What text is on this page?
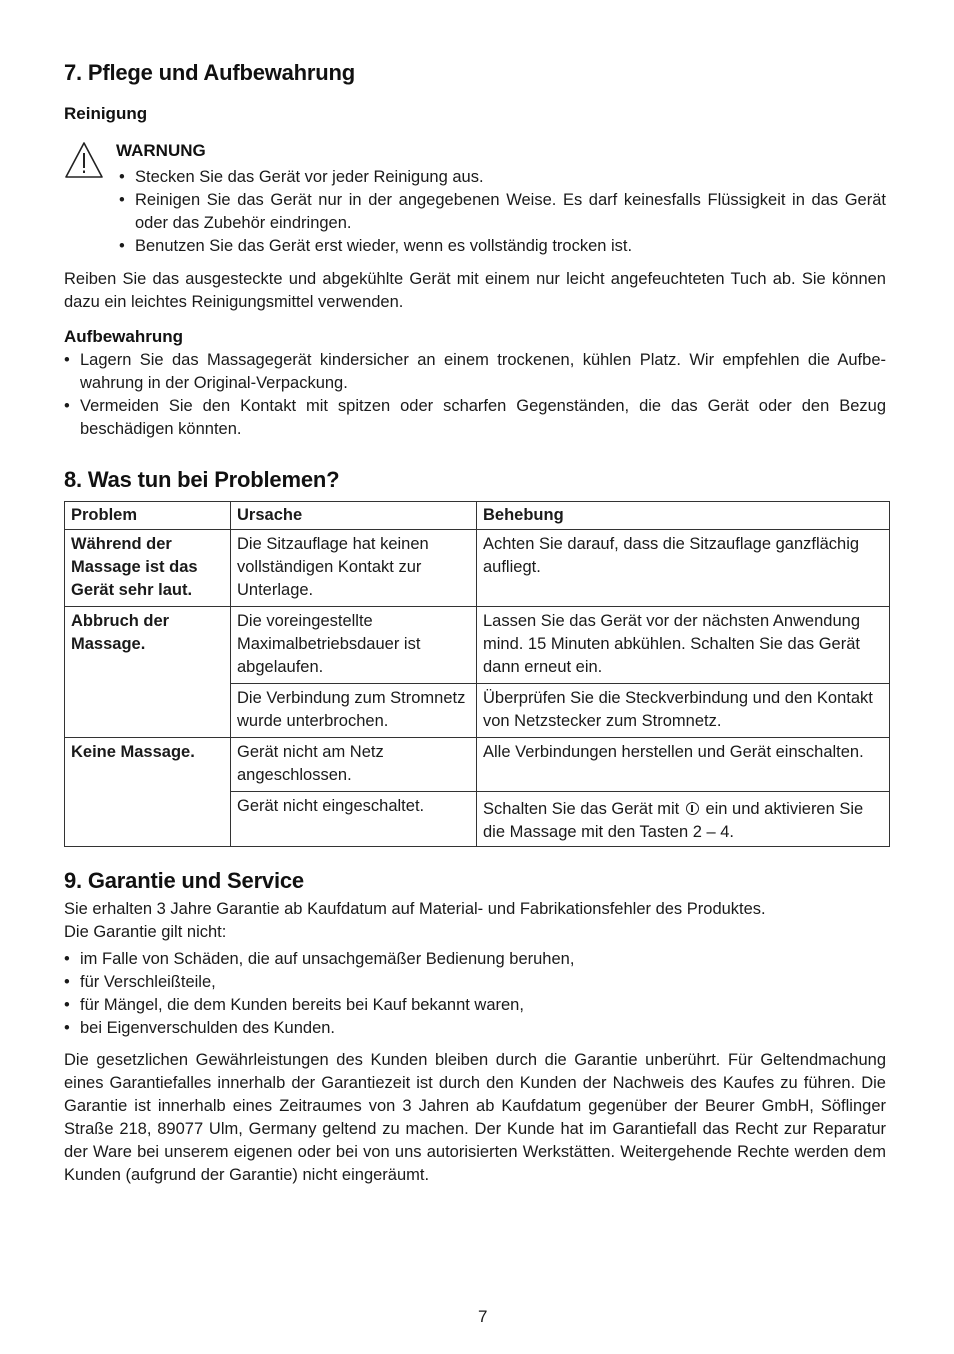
7. Pflege und Aufbewahrung
Reinigung
WARNUNG
• Stecken Sie das Gerät vor jeder Reinigung aus.
• Reinigen Sie das Gerät nur in der angegebenen Weise. Es darf keinesfalls Flüssigkeit in das Gerät oder das Zubehör eindringen.
• Benutzen Sie das Gerät erst wieder, wenn es vollständig trocken ist.

Reiben Sie das ausgesteckte und abgekühlte Gerät mit einem nur leicht angefeuchteten Tuch ab. Sie können dazu ein leichtes Reinigungsmittel verwenden.

Aufbewahrung
• Lagern Sie das Massagegerät kindersicher an einem trockenen, kühlen Platz. Wir empfehlen die Aufbewahrung in der Original-Verpackung.
• Vermeiden Sie den Kontakt mit spitzen oder scharfen Gegenständen, die das Gerät oder den Bezug beschädigen könnten.
8. Was tun bei Problemen?
Problem	Ursache	Behebung
Während der Massage ist das Gerät sehr laut.	Die Sitzauflage hat keinen vollständigen Kontakt zur Unterlage.	Achten Sie darauf, dass die Sitzauflage ganzflächig aufliegt.
Abbruch der Massage.	Die voreingestellte Maximalbetriebsdauer ist abgelaufen.	Lassen Sie das Gerät vor der nächsten Anwendung mind. 15 Minuten abkühlen. Schalten Sie das Gerät dann erneut ein.
	Die Verbindung zum Stromnetz wurde unterbrochen.	Überprüfen Sie die Steckverbindung und den Kontakt von Netzstecker zum Stromnetz.
Keine Massage.	Gerät nicht am Netz angeschlossen.	Alle Verbindungen herstellen und Gerät einschalten.
	Gerät nicht eingeschaltet.	Schalten Sie das Gerät mit ein und aktivieren Sie die Massage mit den Tasten 2 – 4.
9. Garantie und Service

Sie erhalten 3 Jahre Garantie ab Kaufdatum auf Material- und Fabrikationsfehler des Produktes.

Die Garantie gilt nicht:

• im Falle von Schäden, die auf unsachgemäßer Bedienung beruhen,
• für Verschleißteile,
• für Mängel, die dem Kunden bereits bei Kauf bekannt waren,
• bei Eigenverschulden des Kunden.

Die gesetzlichen Gewährleistungen des Kunden bleiben durch die Garantie unberührt. Für Geltendmachung eines Garantiefalles innerhalb der Garantiezeit ist durch den Kunden der Nachweis des Kaufes zu führen. Die Garantie ist innerhalb eines Zeitraumes von 3 Jahren ab Kaufdatum gegenüber der Beurer GmbH, Söflinger Straße 218, 89077 Ulm, Germany geltend zu machen. Der Kunde hat im Garantiefall das Recht zur Reparatur der Ware bei unserem eigenen oder bei von uns autorisierten Werkstätten. Weitergehende Rechte werden dem Kunden (aufgrund der Garantie) nicht eingeräumt.

7
